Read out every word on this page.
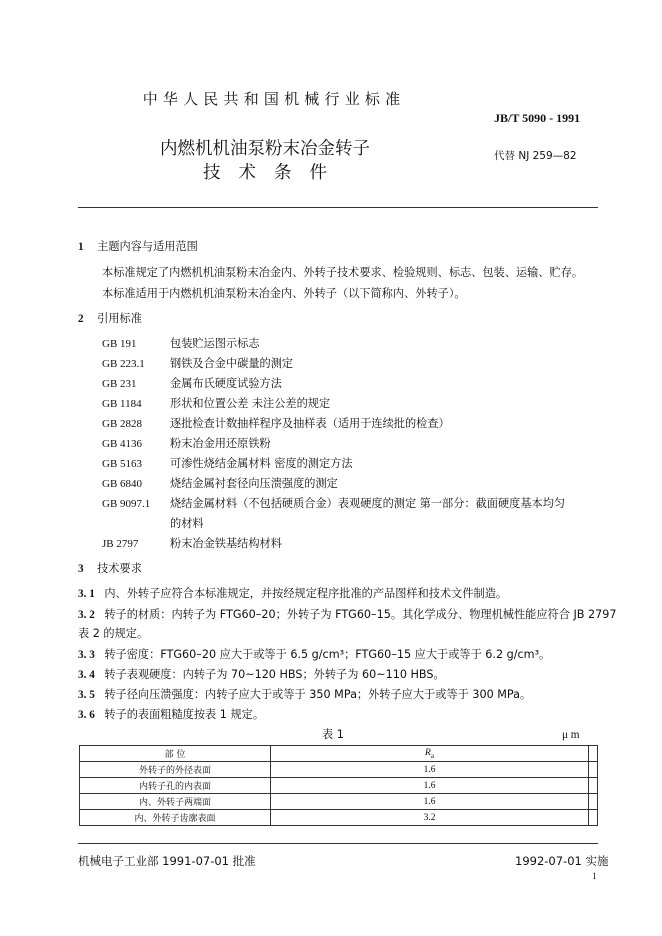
中华人民共和国机械行业标准
JB/T 5090 - 1991
内燃机机油泵粉末冶金转子
技术条件
代替 NJ 259—82
1 主题内容与适用范围
本标准规定了内燃机机油泵粉末冶金内、外转子技术要求、检验规则、标志、包装、运输、贮存。
本标准适用于内燃机机油泵粉末冶金内、外转子（以下简称内、外转子）。
2 引用标准
GB 191	包装贮运图示标志
GB 223.1 钢铁及合金中碳量的测定
GB 231	金属布氏硬度试验方法
GB 1184	形状和位置公差 未注公差的规定
GB 2828 逐批检查计数抽样程序及抽样表（适用于连续批的检查）
GB 4136 粉末冶金用还原铁粉
GB 5163 可渗性烧结金属材料 密度的测定方法
GB 6840 烧结金属衬套径向压溃强度的测定
GB 9097.1 烧结金属材料（不包括硬质合金）表观硬度的测定 第一部分：截面硬度基本均匀
的材料
JB 2797	粉末冶金铁基结构材料
3 技术要求
3. 1 内、外转子应符合本标准规定，并按经规定程序批准的产品图样和技术文件制造。
3. 2 转子的材质：内转子为 FTG60–20；外转子为 FTG60–15。其化学成分、物理机械性能应符合 JB 2797
表 2 的规定。
3. 3 转子密度：FTG60–20 应大于或等于 6.5 g/cm³；FTG60–15 应大于或等于 6.2 g/cm³。
3. 4 转子表观硬度：内转子为 70~120 HBS；外转子为 60~110 HBS。
3. 5 转子径向压溃强度：内转子应大于或等于 350 MPa；外转子应大于或等于 300 MPa。
3. 6 转子的表面粗糙度按表 1 规定。
表 1	μ m
部 位	$R_a$	
外转子的外径表面	1.6	
内转子孔的内表面	1.6	
内、外转子两端面	1.6	
内、外转子齿廓表面	3.2	
机械电子工业部 1991-07-01 批准	1992-07-01 实施
1
